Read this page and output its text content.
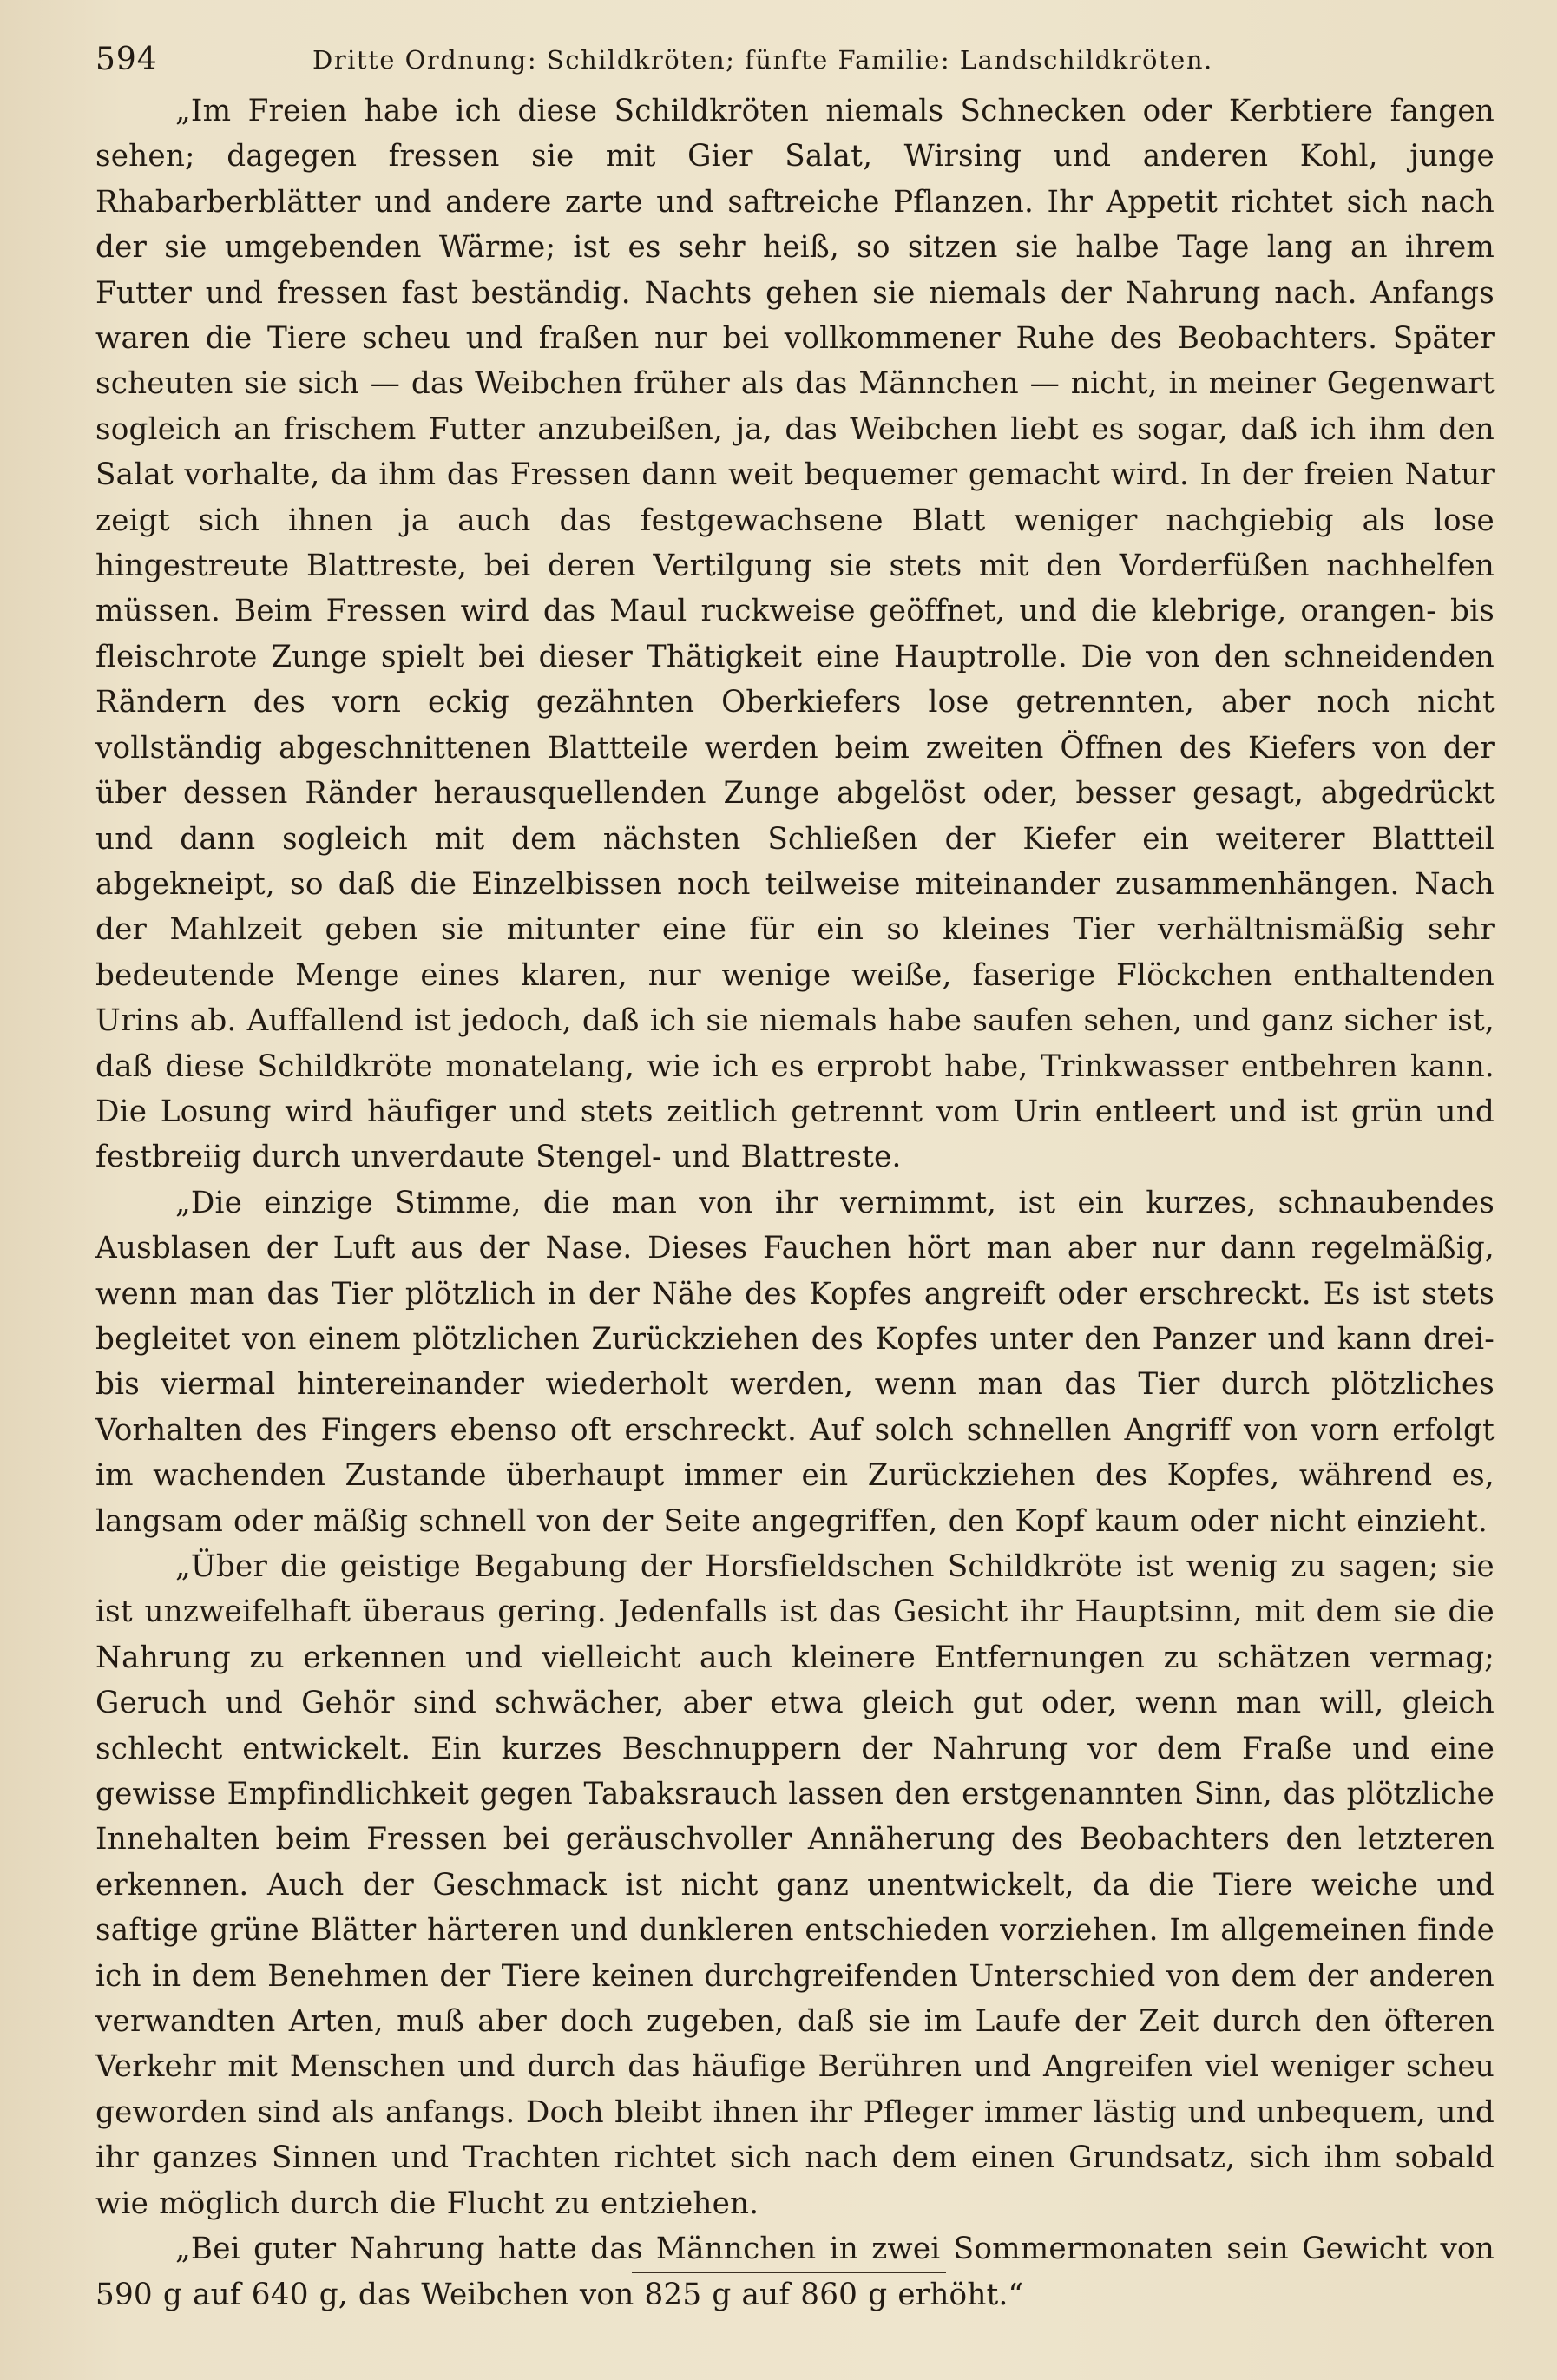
594	Dritte Ordnung: Schildkröten; fünfte Familie: Landschildkröten.

„Im Freien habe ich diese Schildkröten niemals Schnecken oder Kerbtiere fangen sehen; dagegen fressen sie mit Gier Salat, Wirsing und anderen Kohl, junge Rhabarberblätter und andere zarte und saftreiche Pflanzen. Ihr Appetit richtet sich nach der sie umgebenden Wärme; ist es sehr heiß, so sitzen sie halbe Tage lang an ihrem Futter und fressen fast beständig. Nachts gehen sie niemals der Nahrung nach. Anfangs waren die Tiere scheu und fraßen nur bei vollkommener Ruhe des Beobachters. Später scheuten sie sich — das Weibchen früher als das Männchen — nicht, in meiner Gegenwart sogleich an frischem Futter anzubeißen, ja, das Weibchen liebt es sogar, daß ich ihm den Salat vorhalte, da ihm das Fressen dann weit bequemer gemacht wird. In der freien Natur zeigt sich ihnen ja auch das festgewachsene Blatt weniger nachgiebig als lose hingestreute Blattreste, bei deren Vertilgung sie stets mit den Vorderfüßen nachhelfen müssen. Beim Fressen wird das Maul ruckweise geöffnet, und die klebrige, orangen- bis fleischrote Zunge spielt bei dieser Thätigkeit eine Hauptrolle. Die von den schneidenden Rändern des vorn eckig gezähnten Oberkiefers lose getrennten, aber noch nicht vollständig abgeschnittenen Blattteile werden beim zweiten Öffnen des Kiefers von der über dessen Ränder herausquellenden Zunge abgelöst oder, besser gesagt, abgedrückt und dann sogleich mit dem nächsten Schließen der Kiefer ein weiterer Blattteil abgekneipt, so daß die Einzelbissen noch teilweise miteinander zusammenhängen. Nach der Mahlzeit geben sie mitunter eine für ein so kleines Tier verhältnismäßig sehr bedeutende Menge eines klaren, nur wenige weiße, faserige Flöckchen enthaltenden Urins ab. Auffallend ist jedoch, daß ich sie niemals habe saufen sehen, und ganz sicher ist, daß diese Schildkröte monatelang, wie ich es erprobt habe, Trinkwasser entbehren kann. Die Losung wird häufiger und stets zeitlich getrennt vom Urin entleert und ist grün und festbreiig durch unverdaute Stengel- und Blattreste.

„Die einzige Stimme, die man von ihr vernimmt, ist ein kurzes, schnaubendes Ausblasen der Luft aus der Nase. Dieses Fauchen hört man aber nur dann regelmäßig, wenn man das Tier plötzlich in der Nähe des Kopfes angreift oder erschreckt. Es ist stets begleitet von einem plötzlichen Zurückziehen des Kopfes unter den Panzer und kann drei- bis viermal hintereinander wiederholt werden, wenn man das Tier durch plötzliches Vorhalten des Fingers ebenso oft erschreckt. Auf solch schnellen Angriff von vorn erfolgt im wachenden Zustande überhaupt immer ein Zurückziehen des Kopfes, während es, langsam oder mäßig schnell von der Seite angegriffen, den Kopf kaum oder nicht einzieht.

„Über die geistige Begabung der Horsfieldschen Schildkröte ist wenig zu sagen; sie ist unzweifelhaft überaus gering. Jedenfalls ist das Gesicht ihr Hauptsinn, mit dem sie die Nahrung zu erkennen und vielleicht auch kleinere Entfernungen zu schätzen vermag; Geruch und Gehör sind schwächer, aber etwa gleich gut oder, wenn man will, gleich schlecht entwickelt. Ein kurzes Beschnuppern der Nahrung vor dem Fraße und eine gewisse Empfindlichkeit gegen Tabaksrauch lassen den erstgenannten Sinn, das plötzliche Innehalten beim Fressen bei geräuschvoller Annäherung des Beobachters den letzteren erkennen. Auch der Geschmack ist nicht ganz unentwickelt, da die Tiere weiche und saftige grüne Blätter härteren und dunkleren entschieden vorziehen. Im allgemeinen finde ich in dem Benehmen der Tiere keinen durchgreifenden Unterschied von dem der anderen verwandten Arten, muß aber doch zugeben, daß sie im Laufe der Zeit durch den öfteren Verkehr mit Menschen und durch das häufige Berühren und Angreifen viel weniger scheu geworden sind als anfangs. Doch bleibt ihnen ihr Pfleger immer lästig und unbequem, und ihr ganzes Sinnen und Trachten richtet sich nach dem einen Grundsatz, sich ihm sobald wie möglich durch die Flucht zu entziehen.

„Bei guter Nahrung hatte das Männchen in zwei Sommermonaten sein Gewicht von 590 g auf 640 g, das Weibchen von 825 g auf 860 g erhöht.“
